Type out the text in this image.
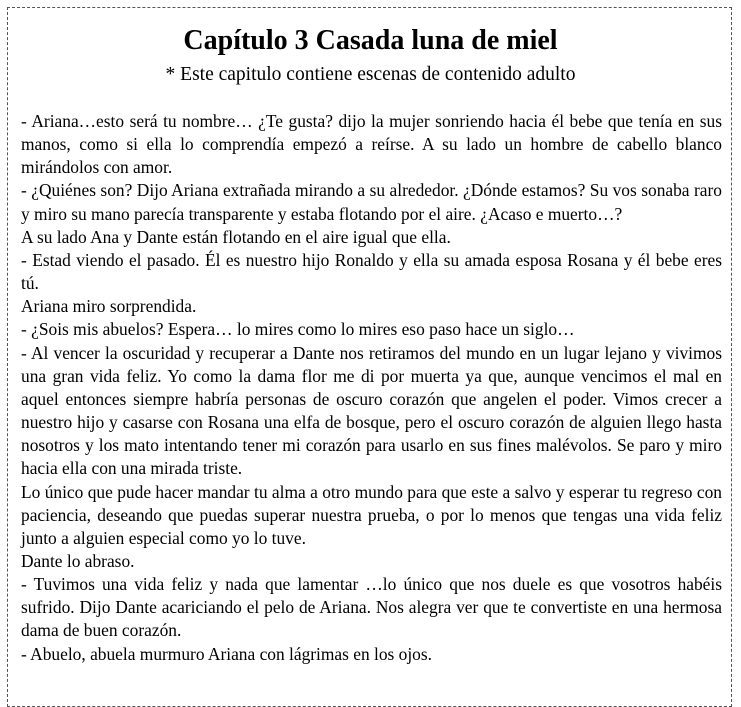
Capítulo 3 Casada luna de miel

* Este capitulo contiene escenas de contenido adulto

- Ariana…esto será tu nombre… ¿Te gusta? dijo la mujer sonriendo hacia él bebe que tenía en sus manos, como si ella lo comprendía empezó a reírse. A su lado un hombre de cabello blanco mirándolos con amor.

- ¿Quiénes son? Dijo Ariana extrañada mirando a su alrededor. ¿Dónde estamos? Su vos sonaba raro y miro su mano parecía transparente y estaba flotando por el aire. ¿Acaso e muerto…?

A su lado Ana y Dante están flotando en el aire igual que ella.

- Estad viendo el pasado. Él es nuestro hijo Ronaldo y ella su amada esposa Rosana y él bebe eres tú.

Ariana miro sorprendida.

- ¿Sois mis abuelos? Espera… lo mires como lo mires eso paso hace un siglo…

- Al vencer la oscuridad y recuperar a Dante nos retiramos del mundo en un lugar lejano y vivimos una gran vida feliz. Yo como la dama flor me di por muerta ya que, aunque vencimos el mal en aquel entonces siempre habría personas de oscuro corazón que angelen el poder. Vimos crecer a nuestro hijo y casarse con Rosana una elfa de bosque, pero el oscuro corazón de alguien llego hasta nosotros y los mato intentando tener mi corazón para usarlo en sus fines malévolos. Se paro y miro hacia ella con una mirada triste.

Lo único que pude hacer mandar tu alma a otro mundo para que este a salvo y esperar tu regreso con paciencia, deseando que puedas superar nuestra prueba, o por lo menos que tengas una vida feliz junto a alguien especial como yo lo tuve.

Dante lo abraso.

- Tuvimos una vida feliz y nada que lamentar …lo único que nos duele es que vosotros habéis sufrido. Dijo Dante acariciando el pelo de Ariana. Nos alegra ver que te convertiste en una hermosa dama de buen corazón.

- Abuelo, abuela murmuro Ariana con lágrimas en los ojos.
